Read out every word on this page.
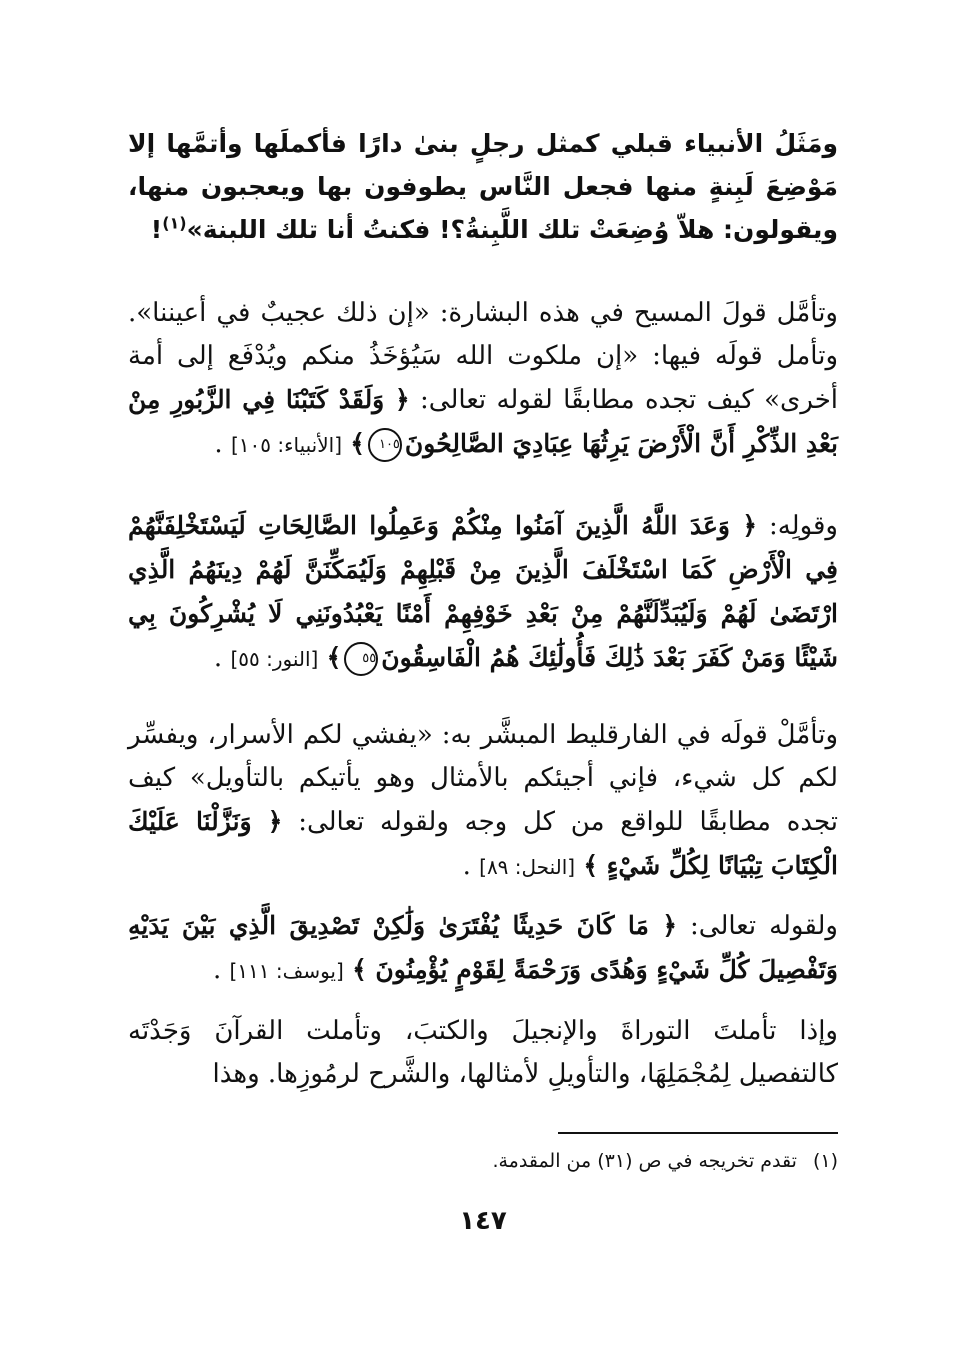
ومَثَلُ الأنبياء قبلي كمثل رجلٍ بنىٰ دارًا فأكملَها وأتمَّها إلا مَوْضِعَ لَبِنةٍ منها فجعل النَّاس يطوفون بها ويعجبون منها، ويقولون: هلاّ وُضِعَتْ تلك اللَّبِنةُ؟! فكنتُ أنا تلك اللبنة»$^{(١)}$!

وتأمَّل قولَ المسيح في هذه البشارة: «إن ذلك عجيبٌ في أعيننا». وتأمل قولَه فيها: «إن ملكوت الله سَيُؤخَذُ منكم ويُدْفَع إلى أمة أخرى» كيف تجده مطابقًا لقوله تعالى: ﴿ وَلَقَدْ كَتَبْنَا فِي الزَّبُورِ مِنْ بَعْدِ الذِّكْرِ أَنَّ الْأَرْضَ يَرِثُهَا عِبَادِيَ الصَّالِحُونَ١٠٥﴾ [الأنبياء: ١٠٥] .

وقولِه: ﴿ وَعَدَ اللَّهُ الَّذِينَ آمَنُوا مِنْكُمْ وَعَمِلُوا الصَّالِحَاتِ لَيَسْتَخْلِفَنَّهُمْ فِي الْأَرْضِ كَمَا اسْتَخْلَفَ الَّذِينَ مِنْ قَبْلِهِمْ وَلَيُمَكِّنَنَّ لَهُمْ دِينَهُمُ الَّذِي ارْتَضَىٰ لَهُمْ وَلَيُبَدِّلَنَّهُمْ مِنْ بَعْدِ خَوْفِهِمْ أَمْنًا يَعْبُدُونَنِي لَا يُشْرِكُونَ بِي شَيْئًا وَمَنْ كَفَرَ بَعْدَ ذَٰلِكَ فَأُولَٰئِكَ هُمُ الْفَاسِقُونَ٥٥﴾ [النور: ٥٥] .

وتأمَّلْ قولَه في الفارقليط المبشَّر به: «يفشي لكم الأسرار، ويفسِّر لكم كل شيء، فإني أجيئكم بالأمثال وهو يأتيكم بالتأويل» كيف تجده مطابقًا للواقع من كل وجه ولقوله تعالى: ﴿ وَنَزَّلْنَا عَلَيْكَ الْكِتَابَ تِبْيَانًا لِكُلِّ شَيْءٍ ﴾ [النحل: ٨٩] .

ولقوله تعالى: ﴿ مَا كَانَ حَدِيثًا يُفْتَرَىٰ وَلَٰكِنْ تَصْدِيقَ الَّذِي بَيْنَ يَدَيْهِ وَتَفْصِيلَ كُلِّ شَيْءٍ وَهُدًى وَرَحْمَةً لِقَوْمٍ يُؤْمِنُونَ ﴾ [يوسف: ١١١] .

وإذا تأملتَ التوراةَ والإنجيلَ والكتبَ، وتأملت القرآنَ وَجَدْتَه كالتفصيل لِمُجْمَلِهَا، والتأويلِ لأمثالها، والشَّرح لرمُوزِها. وهذا

(١)تقدم تخريجه في ص (٣١) من المقدمة.
١٤٧
